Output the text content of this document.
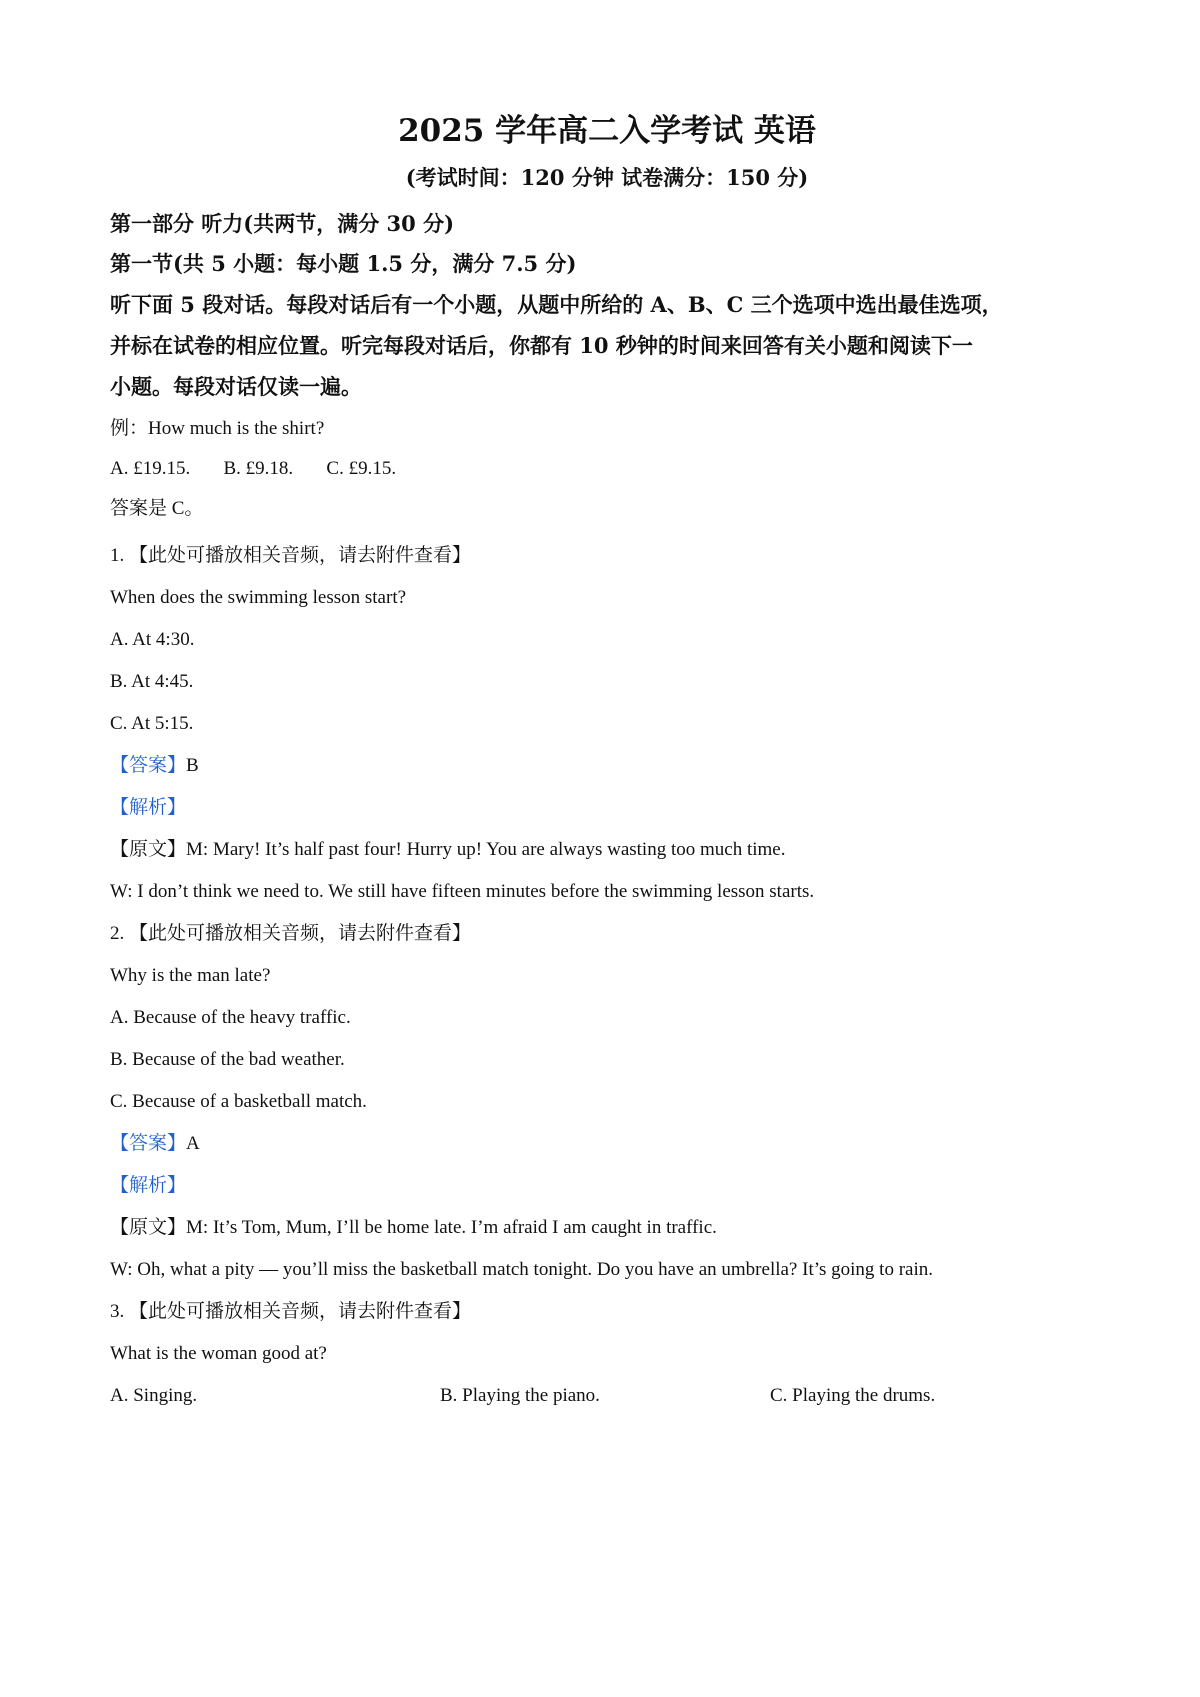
2025 学年高二入学考试 英语
(考试时间：120 分钟 试卷满分：150 分)
第一部分 听力(共两节，满分 30 分)
第一节(共 5 小题：每小题 1.5 分，满分 7.5 分)
听下面 5 段对话。每段对话后有一个小题，从题中所给的 A、B、C 三个选项中选出最佳选项，
并标在试卷的相应位置。听完每段对话后，你都有 10 秒钟的时间来回答有关小题和阅读下一
小题。每段对话仅读一遍。
例：How much is the shirt?
A. £19.15.       B. £9.18.       C. £9.15.
答案是 C。
1. 【此处可播放相关音频，请去附件查看】
When does the swimming lesson start?
A. At 4:30.
B. At 4:45.
C. At 5:15.
【答案】B
【解析】
【原文】M: Mary! It’s half past four! Hurry up! You are always wasting too much time.
W: I don’t think we need to. We still have fifteen minutes before the swimming lesson starts.
2. 【此处可播放相关音频，请去附件查看】
Why is the man late?
A. Because of the heavy traffic.
B. Because of the bad weather.
C. Because of a basketball match.
【答案】A
【解析】
【原文】M: It’s Tom, Mum, I’ll be home late. I’m afraid I am caught in traffic.
W: Oh, what a pity — you’ll miss the basketball match tonight. Do you have an umbrella? It’s going to rain.
3. 【此处可播放相关音频，请去附件查看】
What is the woman good at?
A. Singing.	B. Playing the piano.	C. Playing the drums.
